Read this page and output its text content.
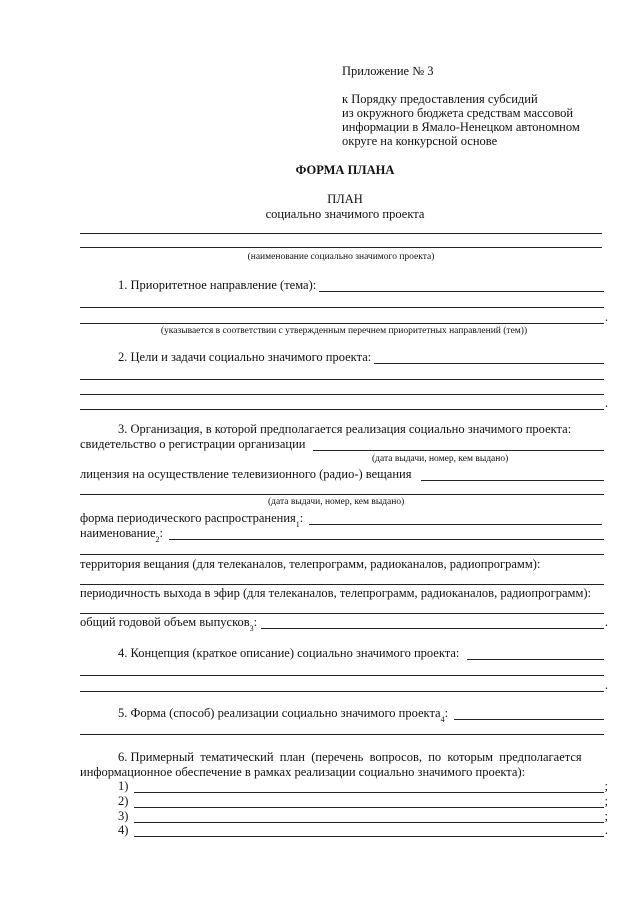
Приложение № 3
к Порядку предоставления субсидий
из окружного бюджета средствам массовой
информации в Ямало-Ненецком автономном
округе на конкурсной основе
ФОРМА ПЛАНА
ПЛАН
социально значимого проекта
(наименование социально значимого проекта)
1. Приоритетное направление (тема):
.
(указывается в соответствии с утвержденным перечнем приоритетных направлений (тем))
2. Цели и задачи социально значимого проекта:
.
3. Организация, в которой предполагается реализация социально значимого проекта:
свидетельство о регистрации организации
(дата выдачи, номер, кем выдано)
лицензия на осуществление телевизионного (радио-) вещания
(дата выдачи, номер, кем выдано)
форма периодического распространения 1 :
наименование 2 :
территория вещания (для телеканалов, телепрограмм, радиоканалов, радиопрограмм):
периодичность выхода в эфир (для телеканалов, телепрограмм, радиоканалов, радиопрограмм):
общий годовой объем выпусков 3 :	.
4. Концепция (краткое описание) социально значимого проекта:
.
5. Форма (способ) реализации социально значимого проекта 4 :
6. Примерный  тематический  план  (перечень  вопросов,  по  которым  предполагается
информационное обеспечение в рамках реализации социально значимого проекта):
1)	;
2)	;
3)	;
4)	.
